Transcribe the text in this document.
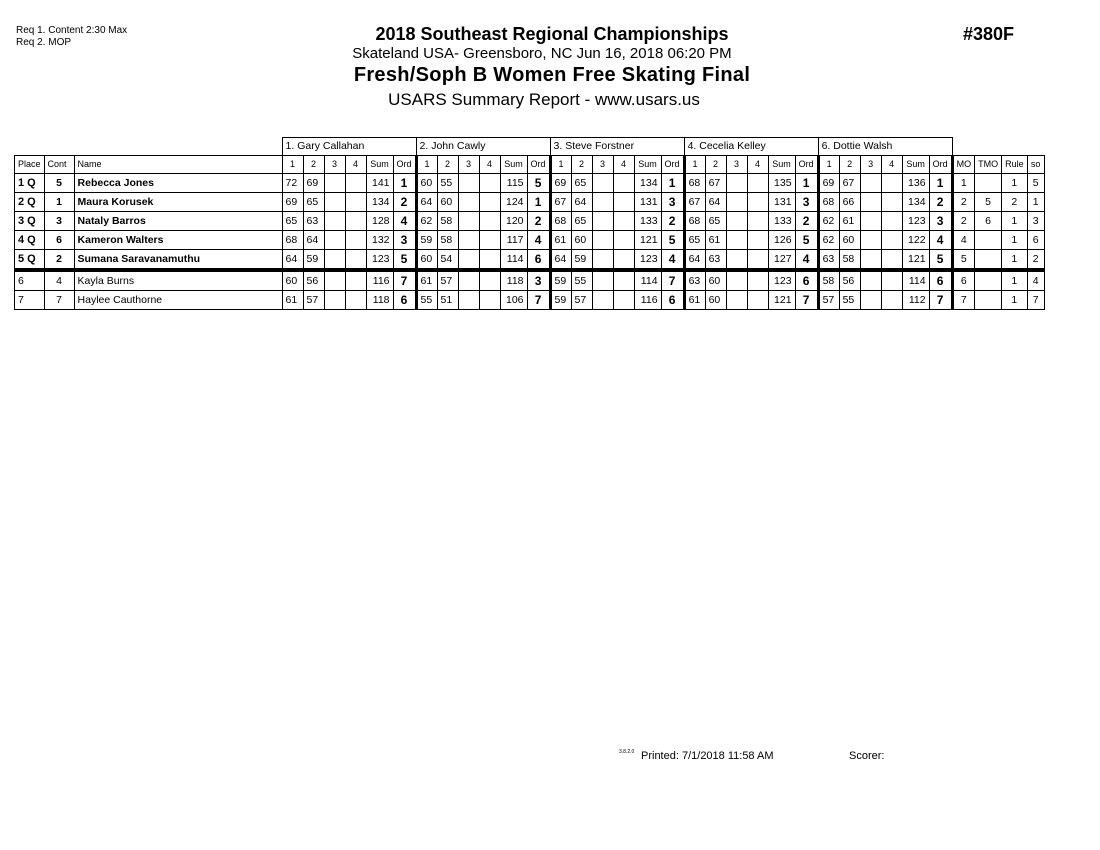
Req 1. Content 2:30 Max
Req 2. MOP	2018 Southeast Regional Championships
Skateland USA- Greensboro, NC Jun 16, 2018 06:20 PM
Fresh/Soph B Women Free Skating Final
USARS Summary Report - www.usars.us
#380F
			1. Gary Callahan						2. John Cawly						3. Steve Forstner						4. Cecelia Kelley						6. Dottie Walsh									
Place	Cont	Name	1	2	3	4	Sum	Ord	1	2	3	4	Sum	Ord	1	2	3	4	Sum	Ord	1	2	3	4	Sum	Ord	1	2	3	4	Sum	Ord	MO	TMO	Rule	so
1 Q	5	Rebecca Jones	72	69			141	1	60	55			115	5	69	65			134	1	68	67			135	1	69	67			136	1	1		1	5
2 Q	1	Maura Korusek	69	65			134	2	64	60			124	1	67	64			131	3	67	64			131	3	68	66			134	2	2	5	2	1
3 Q	3	Nataly Barros	65	63			128	4	62	58			120	2	68	65			133	2	68	65			133	2	62	61			123	3	2	6	1	3
4 Q	6	Kameron Walters	68	64			132	3	59	58			117	4	61	60			121	5	65	61			126	5	62	60			122	4	4		1	6
5 Q	2	Sumana Saravanamuthu	64	59			123	5	60	54			114	6	64	59			123	4	64	63			127	4	63	58			121	5	5		1	2
6	4	Kayla Burns	60	56			116	7	61	57			118	3	59	55			114	7	63	60			123	6	58	56			114	6	6		1	4
7	7	Haylee Cauthorne	61	57			118	6	55	51			106	7	59	57			116	6	61	60			121	7	57	55			112	7	7		1	7
3.8.2.0 Printed: 7/1/2018 11:58 AM	Scorer:
